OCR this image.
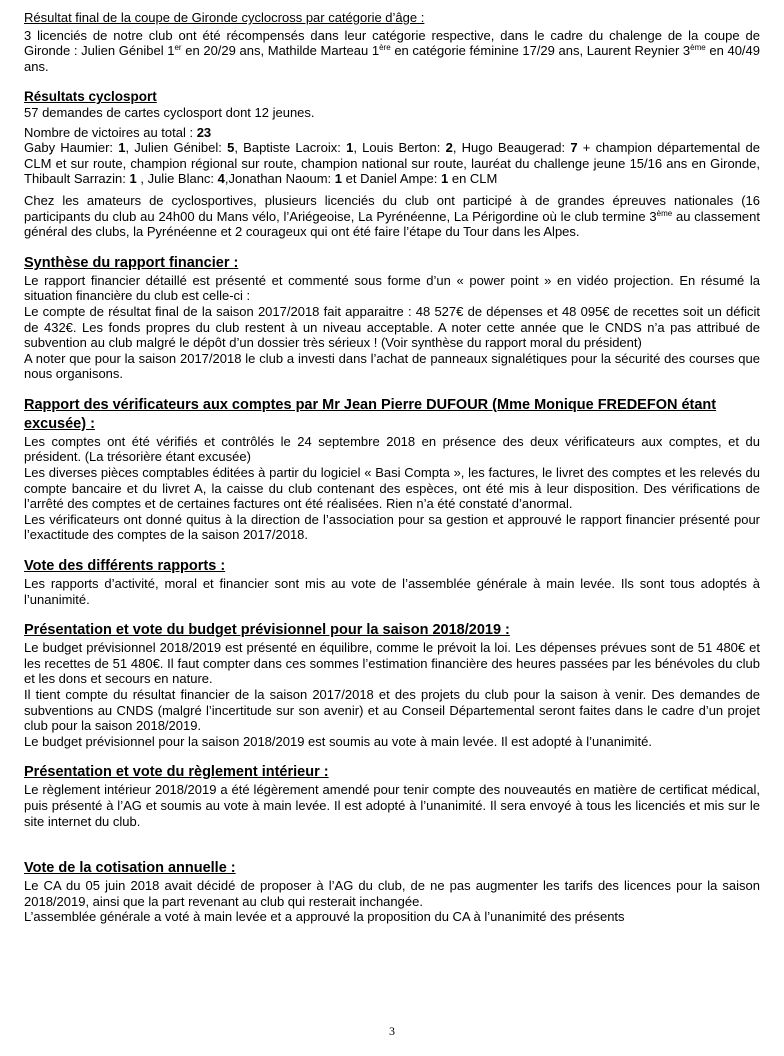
Résultat final de la coupe de Gironde cyclocross par catégorie d’âge :
3 licenciés de notre club ont été récompensés dans leur catégorie respective, dans le cadre du chalenge de la coupe de Gironde : Julien Génibel 1er en 20/29 ans, Mathilde Marteau 1ère en catégorie féminine 17/29 ans, Laurent Reynier 3ème en 40/49 ans.
Résultats cyclosport
57 demandes de cartes cyclosport dont 12 jeunes.
Nombre de victoires au total : 23
Gaby Haumier: 1, Julien Génibel: 5, Baptiste Lacroix: 1, Louis Berton: 2, Hugo Beaugerad: 7 + champion départemental de CLM et sur route, champion régional sur route, champion national sur route, lauréat du challenge jeune 15/16 ans en Gironde, Thibault Sarrazin: 1 , Julie Blanc: 4,Jonathan Naoum: 1 et Daniel Ampe: 1 en CLM
Chez les amateurs de cyclosportives, plusieurs licenciés du club ont participé à de grandes épreuves nationales (16 participants du club au 24h00 du Mans vélo, l’Ariégeoise, La Pyrénéenne, La Périgordine où le club termine 3ème au classement général des clubs, la Pyrénéenne et 2 courageux qui ont été faire l’étape du Tour dans les Alpes.
Synthèse du rapport financier :
Le rapport financier détaillé est présenté et commenté sous forme d’un « power point » en vidéo projection. En résumé la situation financière du club est celle-ci :
Le compte de résultat final de la saison 2017/2018 fait apparaitre : 48 527€ de dépenses et 48 095€ de recettes soit un déficit de 432€. Les fonds propres du club restent à un niveau acceptable. A noter cette année que le CNDS n’a pas attribué de subvention au club malgré le dépôt d’un dossier très sérieux ! (Voir synthèse du rapport moral du président)
A noter que pour la saison 2017/2018 le club a investi dans l’achat de panneaux signalétiques pour la sécurité des courses que nous organisons.
Rapport des vérificateurs aux comptes par Mr Jean Pierre DUFOUR (Mme Monique FREDEFON étant excusée) :
Les comptes ont été vérifiés et contrôlés le 24 septembre 2018 en présence des deux vérificateurs aux comptes, et du président. (La trésorière étant excusée)
Les diverses pièces comptables éditées à partir du logiciel « Basi Compta », les factures, le livret des comptes et les relevés du compte bancaire et du livret A, la caisse du club contenant des espèces, ont été mis à leur disposition. Des vérifications de l’arrêté des comptes et de certaines factures ont été réalisées. Rien n’a été constaté d’anormal.
Les vérificateurs ont donné quitus à la direction de l’association pour sa gestion et approuvé le rapport financier présenté pour l’exactitude des comptes de la saison 2017/2018.
Vote des différents rapports :
Les rapports d’activité, moral et financier sont mis au vote de l’assemblée générale à main levée. Ils sont tous adoptés à l’unanimité.
Présentation et vote du budget prévisionnel pour la saison 2018/2019 :
Le budget prévisionnel 2018/2019 est présenté en équilibre, comme le prévoit la loi. Les dépenses prévues sont de 51 480€ et les recettes de 51 480€. Il faut compter dans ces sommes l’estimation financière des heures passées par les bénévoles du club et les dons et secours en nature.
Il tient compte du résultat financier de la saison 2017/2018 et des projets du club pour la saison à venir. Des demandes de subventions au CNDS (malgré l’incertitude sur son avenir) et au Conseil Départemental seront faites dans le cadre d’un projet club pour la saison 2018/2019.
Le budget prévisionnel pour la saison 2018/2019 est soumis au vote à main levée. Il est adopté à l’unanimité.
Présentation et vote du règlement intérieur :
Le règlement intérieur 2018/2019 a été légèrement amendé pour tenir compte des nouveautés en matière de certificat médical, puis présenté à l’AG et soumis au vote à main levée. Il est adopté à l’unanimité. Il sera envoyé à tous les licenciés et mis sur le site internet du club.
Vote de la cotisation annuelle :
Le CA du 05 juin 2018 avait décidé de proposer à l’AG du club, de ne pas augmenter les tarifs des licences pour la saison 2018/2019, ainsi que la part revenant au club qui resterait inchangée.
L’assemblée générale a voté à main levée et a approuvé la proposition du CA à l’unanimité des présents
3
